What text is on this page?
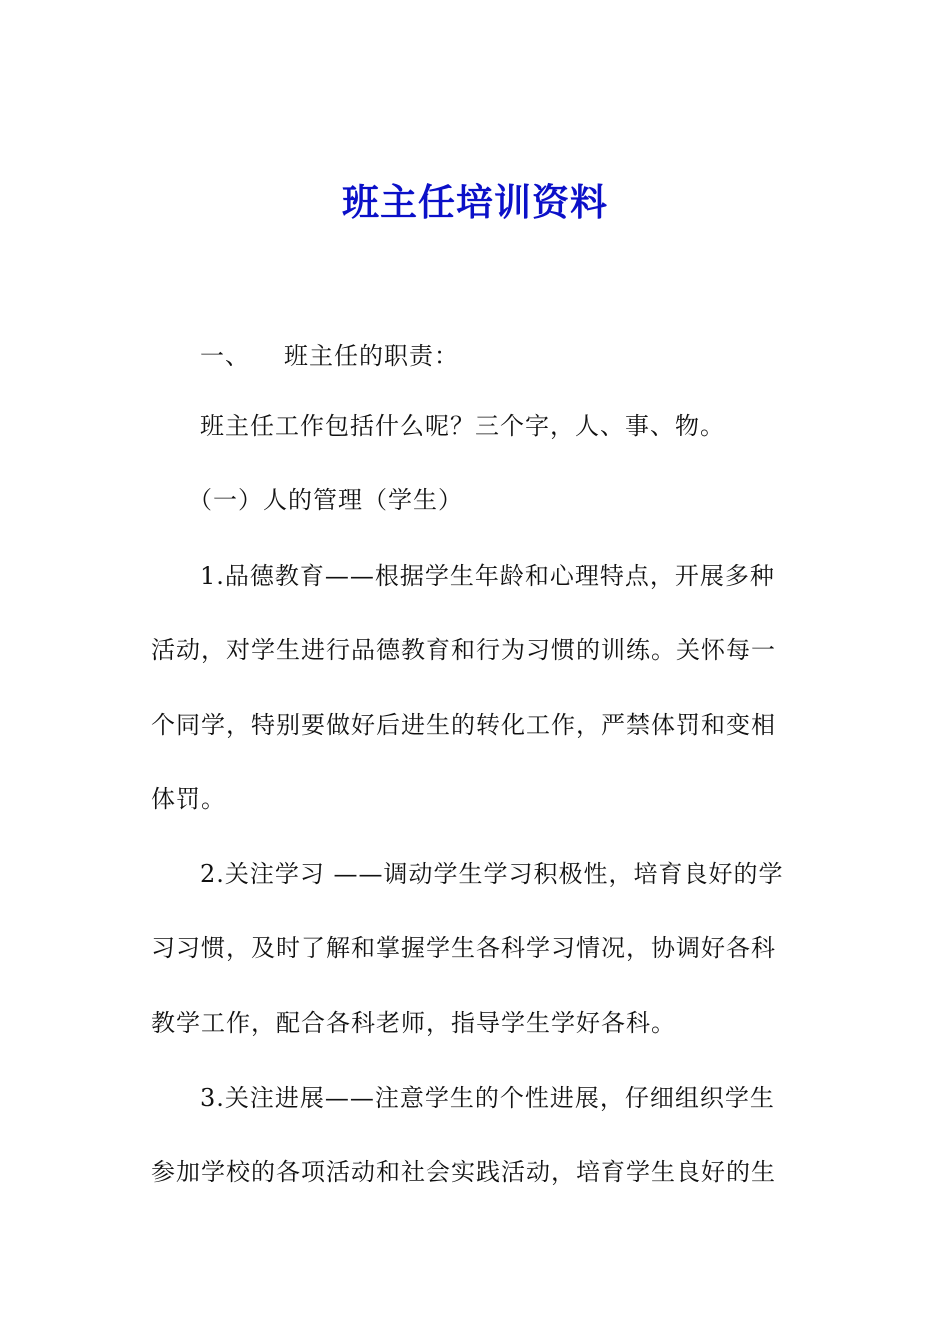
班主任培训资料
一、 班主任的职责：
班主任工作包括什么呢？三个字，人、事、物。
（一）人的管理（学生）
1.品德教育——根据学生年龄和心理特点，开展多种
活动，对学生进行品德教育和行为习惯的训练。关怀每一
个同学，特别要做好后进生的转化工作，严禁体罚和变相
体罚。
2.关注学习 ——调动学生学习积极性，培育良好的学
习习惯，及时了解和掌握学生各科学习情况，协调好各科
教学工作，配合各科老师，指导学生学好各科。
3.关注进展——注意学生的个性进展，仔细组织学生
参加学校的各项活动和社会实践活动，培育学生良好的生
